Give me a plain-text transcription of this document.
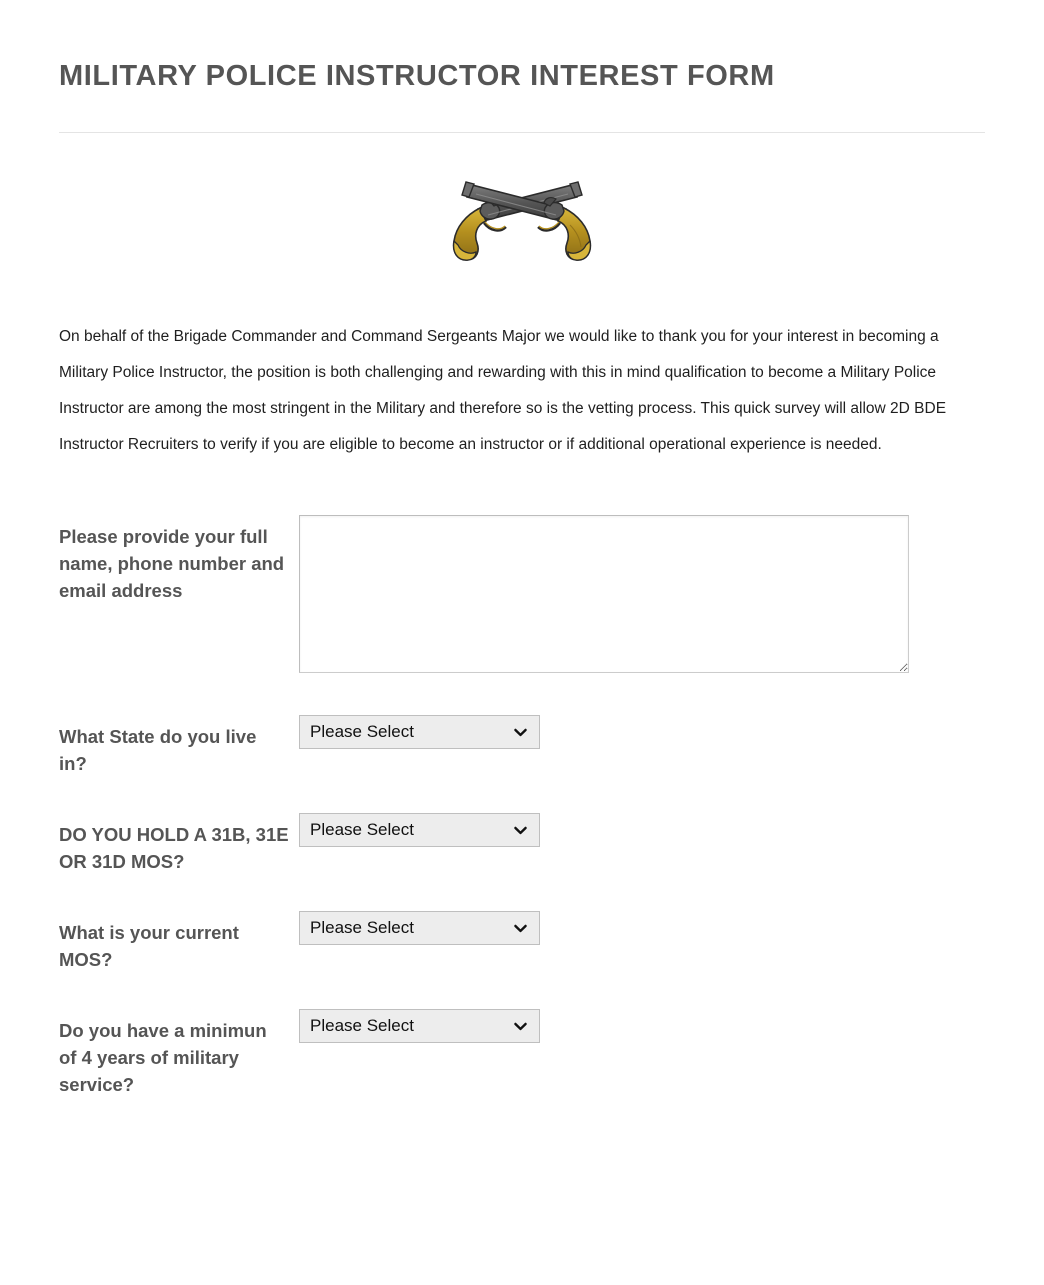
MILITARY POLICE INSTRUCTOR INTEREST FORM

On behalf of the Brigade Commander and Command Sergeants Major we would like to thank you for your interest in becoming a Military Police Instructor, the position is both challenging and rewarding with this in mind qualification to become a Military Police Instructor are among the most stringent in the Military and therefore so is the vetting process. This quick survey will allow 2D BDE Instructor Recruiters to verify if you are eligible to become an instructor or if additional operational experience is needed.

Please provide your full name, phone number and email address
What State do you live in?
Please Select
DO YOU HOLD A 31B, 31E OR 31D MOS?
Please Select
What is your current MOS?
Please Select
Do you have a minimun of 4 years of military service?
Please Select
